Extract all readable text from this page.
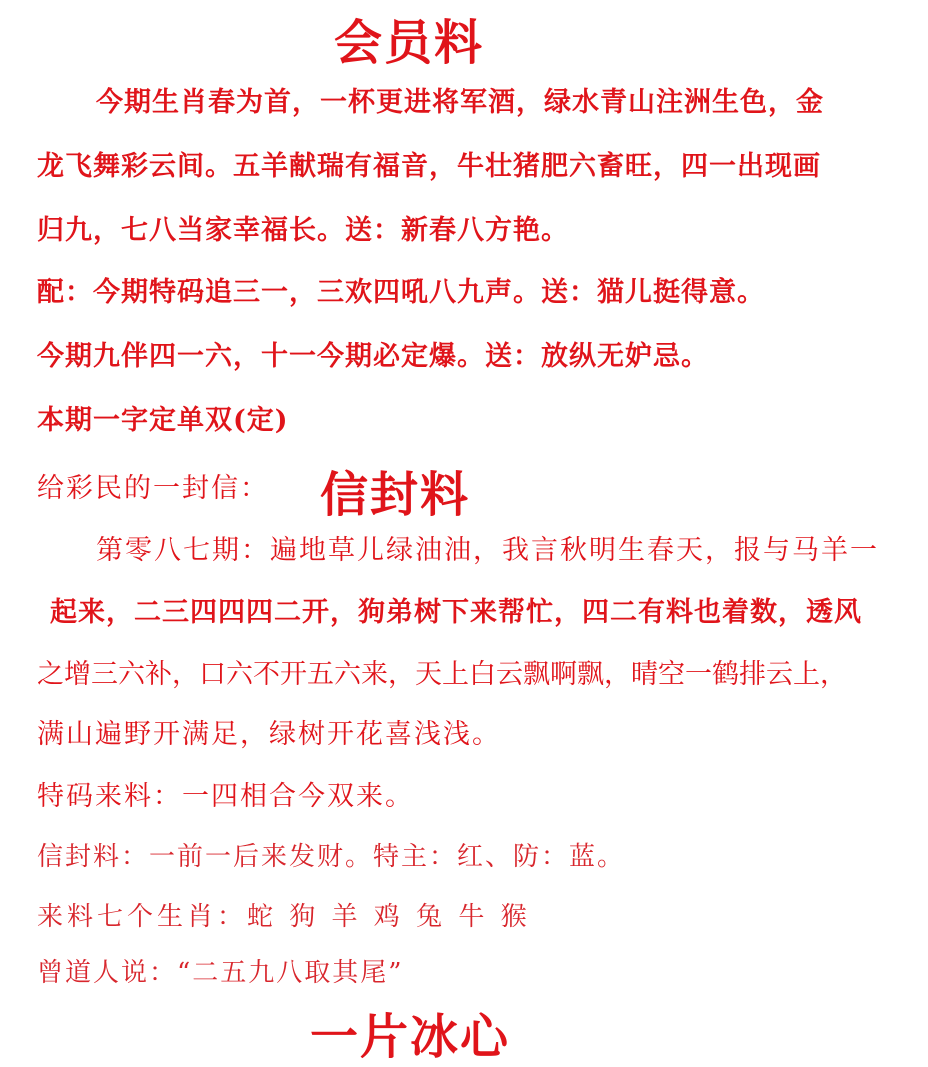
会员料
今期生肖春为首，一杯更进将军酒，绿水青山注洲生色，金
龙飞舞彩云间。五羊献瑞有福音，牛壮猪肥六畜旺，四一出现画
归九，七八当家幸福长。送：新春八方艳。
配：今期特码追三一，三欢四吼八九声。送：猫儿挺得意。
今期九伴四一六，十一今期必定爆。送：放纵无妒忌。
本期一字定单双(定)
给彩民的一封信： 信封料
第零八七期：遍地草儿绿油油，我言秋明生春天，报与马羊一
起来，二三四四四二开，狗弟树下来帮忙，四二有料也着数，透风
之增三六补，口六不开五六来，天上白云飘啊飘，晴空一鹤排云上，
满山遍野开满足，绿树开花喜浅浅。
特码来料：一四相合今双来。
信封料：一前一后来发财。特主：红、防：蓝。
来料七个生肖：蛇 狗 羊 鸡 兔 牛 猴
曾道人说：“二五九八取其尾”
一片冰心
